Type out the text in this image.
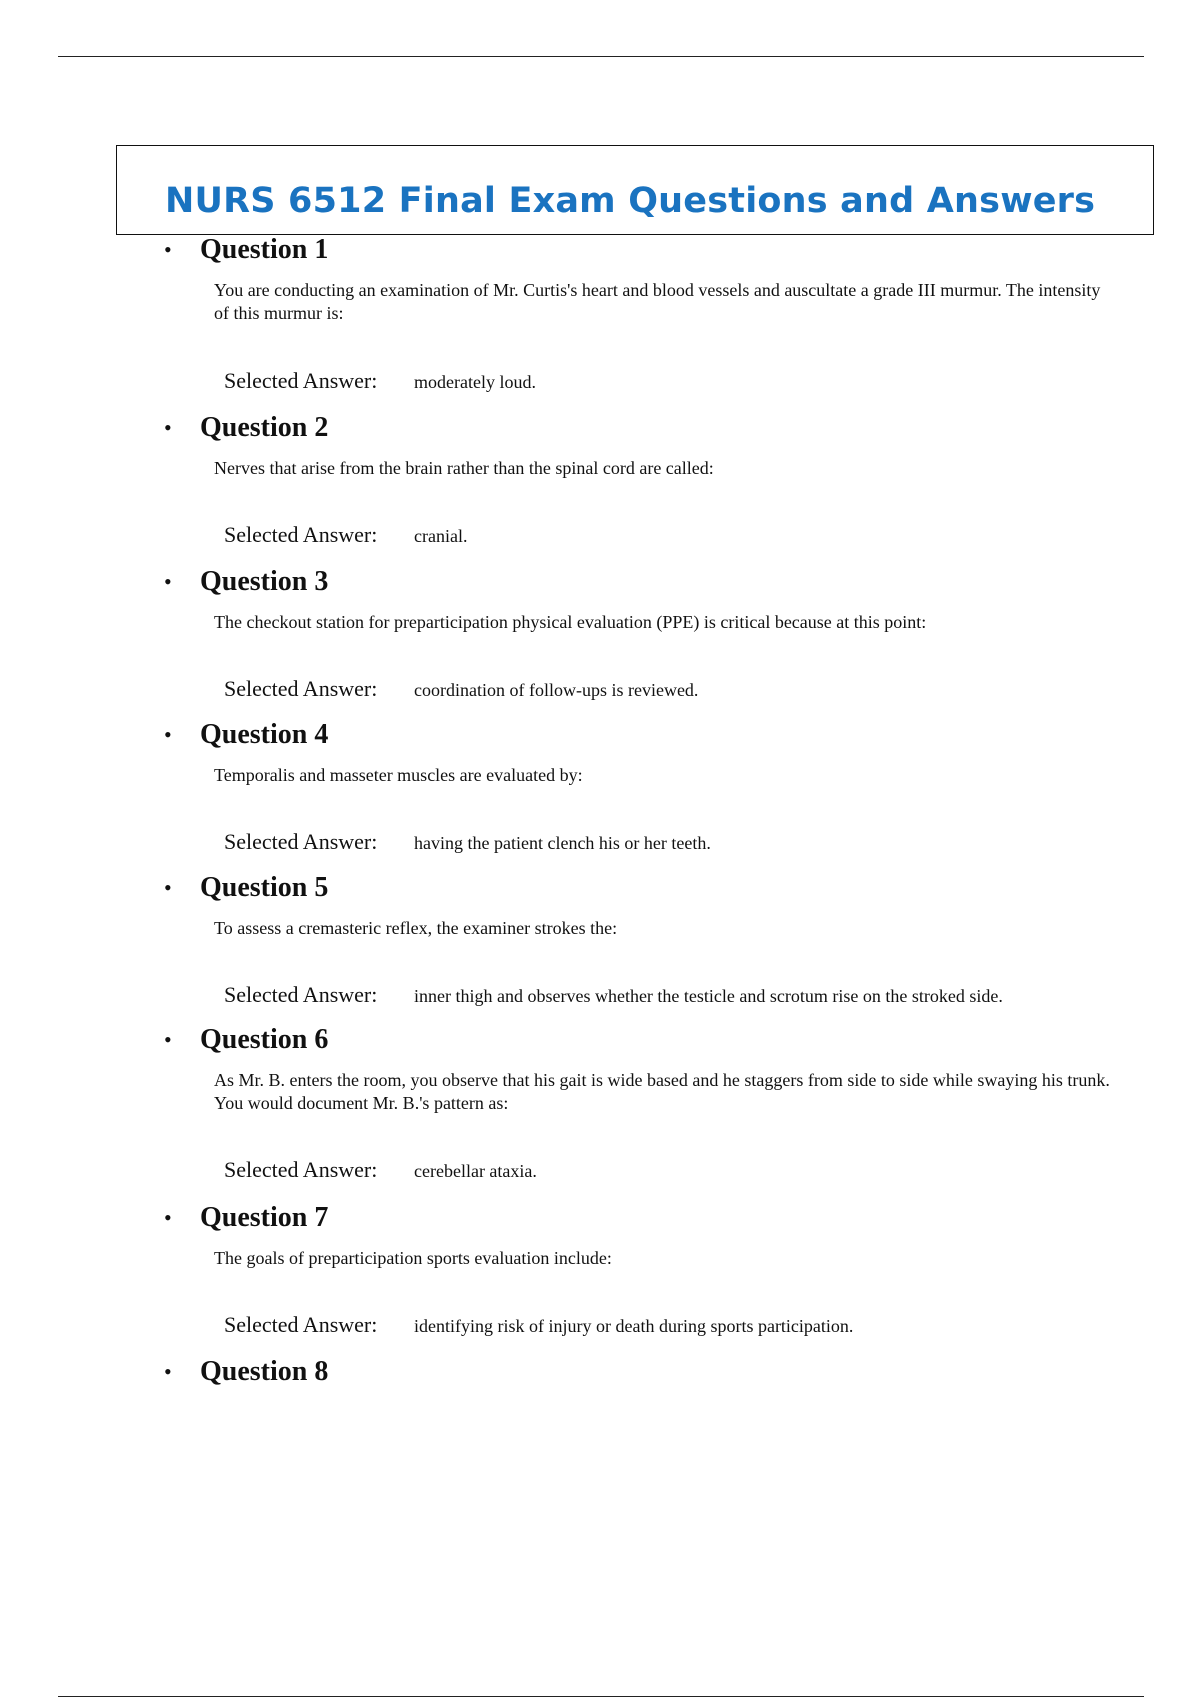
NURS 6512 Final Exam Questions and Answers
• Question 1

You are conducting an examination of Mr. Curtis's heart and blood vessels and auscultate a grade III murmur. The intensity of this murmur is:

Selected Answer: moderately loud.
• Question 2

Nerves that arise from the brain rather than the spinal cord are called:

Selected Answer: cranial.
• Question 3

The checkout station for preparticipation physical evaluation (PPE) is critical because at this point:

Selected Answer: coordination of follow-ups is reviewed.
• Question 4

Temporalis and masseter muscles are evaluated by:

Selected Answer: having the patient clench his or her teeth.
• Question 5

To assess a cremasteric reflex, the examiner strokes the:

Selected Answer: inner thigh and observes whether the testicle and scrotum rise on the stroked side.
• Question 6

As Mr. B. enters the room, you observe that his gait is wide based and he staggers from side to side while swaying his trunk. You would document Mr. B.'s pattern as:

Selected Answer: cerebellar ataxia.
• Question 7

The goals of preparticipation sports evaluation include:

Selected Answer: identifying risk of injury or death during sports participation.
• Question 8
